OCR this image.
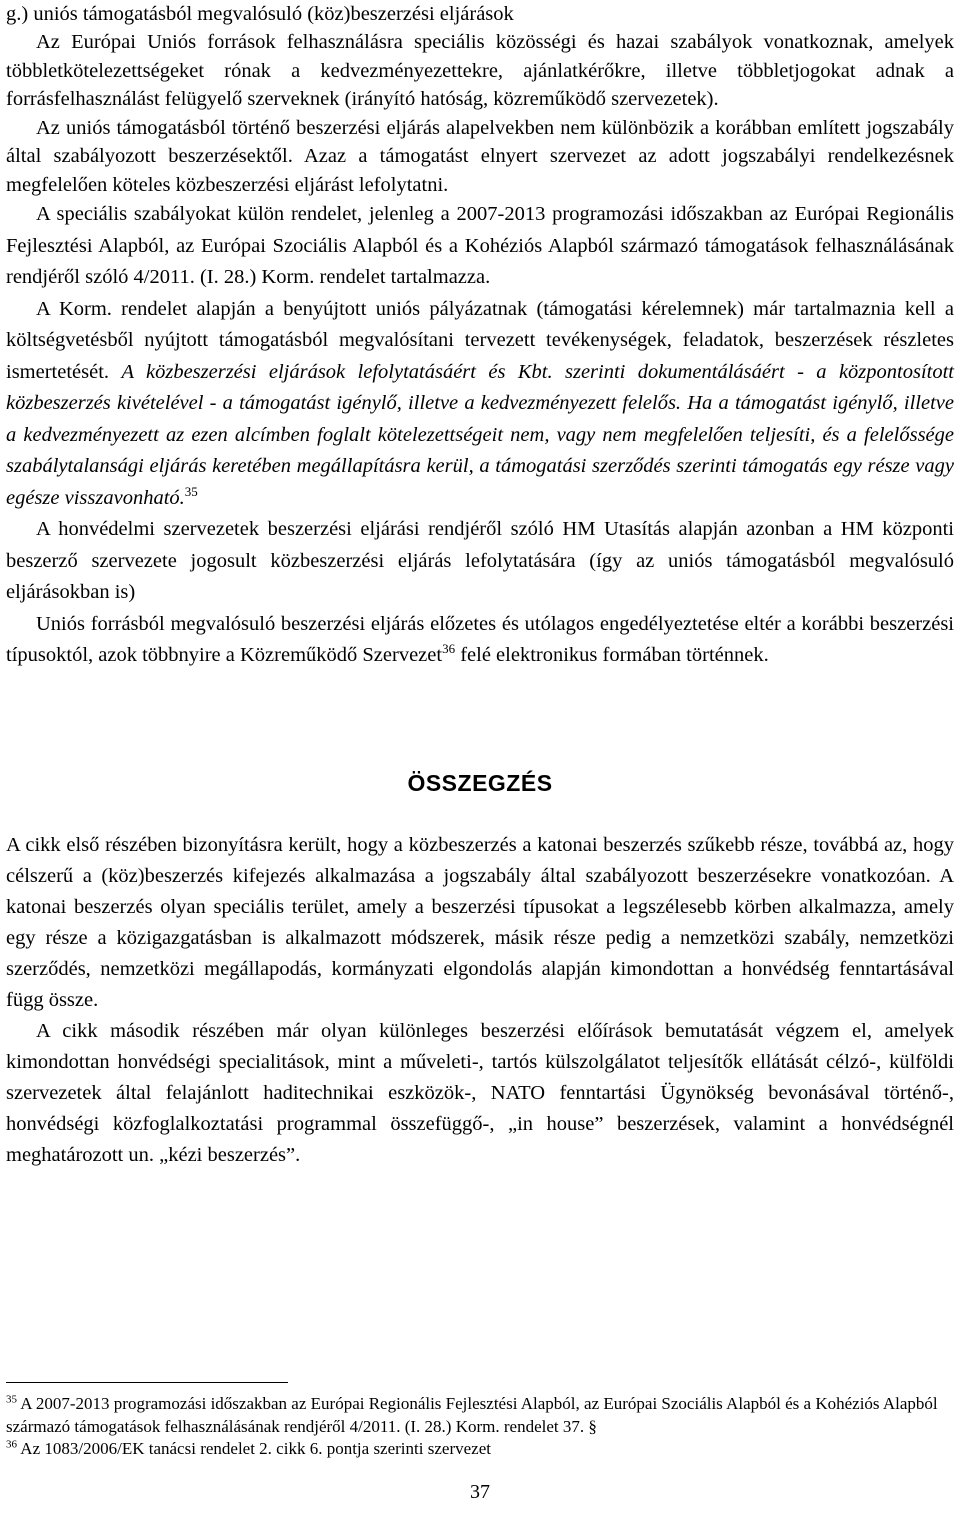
g.) uniós támogatásból megvalósuló (köz)beszerzési eljárások

Az Európai Uniós források felhasználásra speciális közösségi és hazai szabályok vonatkoznak, amelyek többletkötelezettségeket rónak a kedvezményezettekre, ajánlatkérőkre, illetve többletjogokat adnak a forrásfelhasználást felügyelő szerveknek (irányító hatóság, közreműködő szervezetek).

Az uniós támogatásból történő beszerzési eljárás alapelvekben nem különbözik a korábban említett jogszabály által szabályozott beszerzésektől. Azaz a támogatást elnyert szervezet az adott jogszabályi rendelkezésnek megfelelően köteles közbeszerzési eljárást lefolytatni.

A speciális szabályokat külön rendelet, jelenleg a 2007-2013 programozási időszakban az Európai Regionális Fejlesztési Alapból, az Európai Szociális Alapból és a Kohéziós Alapból származó támogatások felhasználásának rendjéről szóló 4/2011. (I. 28.) Korm. rendelet tartalmazza.

A Korm. rendelet alapján a benyújtott uniós pályázatnak (támogatási kérelemnek) már tartalmaznia kell a költségvetésből nyújtott támogatásból megvalósítani tervezett tevékenységek, feladatok, beszerzések részletes ismertetését. A közbeszerzési eljárások lefolytatásáért és Kbt. szerinti dokumentálásáért - a központosított közbeszerzés kivételével - a támogatást igénylő, illetve a kedvezményezett felelős. Ha a támogatást igénylő, illetve a kedvezményezett az ezen alcímben foglalt kötelezettségeit nem, vagy nem megfelelően teljesíti, és a felelőssége szabálytalansági eljárás keretében megállapításra kerül, a támogatási szerződés szerinti támogatás egy része vagy egésze visszavonható.$^{35}$

A honvédelmi szervezetek beszerzési eljárási rendjéről szóló HM Utasítás alapján azonban a HM központi beszerző szervezete jogosult közbeszerzési eljárás lefolytatására (így az uniós támogatásból megvalósuló eljárásokban is)

Uniós forrásból megvalósuló beszerzési eljárás előzetes és utólagos engedélyeztetése eltér a korábbi beszerzési típusoktól, azok többnyire a Közreműködő Szervezet$^{36}$ felé elektronikus formában történnek.

ÖSSZEGZÉS

A cikk első részében bizonyításra került, hogy a közbeszerzés a katonai beszerzés szűkebb része, továbbá az, hogy célszerű a (köz)beszerzés kifejezés alkalmazása a jogszabály által szabályozott beszerzésekre vonatkozóan. A katonai beszerzés olyan speciális terület, amely a beszerzési típusokat a legszélesebb körben alkalmazza, amely egy része a közigazgatásban is alkalmazott módszerek, másik része pedig a nemzetközi szabály, nemzetközi szerződés, nemzetközi megállapodás, kormányzati elgondolás alapján kimondottan a honvédség fenntartásával függ össze.

A cikk második részében már olyan különleges beszerzési előírások bemutatását végzem el, amelyek kimondottan honvédségi specialitások, mint a műveleti-, tartós külszolgálatot teljesítők ellátását célzó-, külföldi szervezetek által felajánlott haditechnikai eszközök-, NATO fenntartási Ügynökség bevonásával történő-, honvédségi közfoglalkoztatási programmal összefüggő-, „in house” beszerzések, valamint a honvédségnél meghatározott un. „kézi beszerzés”.

$^{35}$ A 2007-2013 programozási időszakban az Európai Regionális Fejlesztési Alapból, az Európai Szociális Alapból és a Kohéziós Alapból származó támogatások felhasználásának rendjéről 4/2011. (I. 28.) Korm. rendelet 37. §

$^{36}$ Az 1083/2006/EK tanácsi rendelet 2. cikk 6. pontja szerinti szervezet

37
